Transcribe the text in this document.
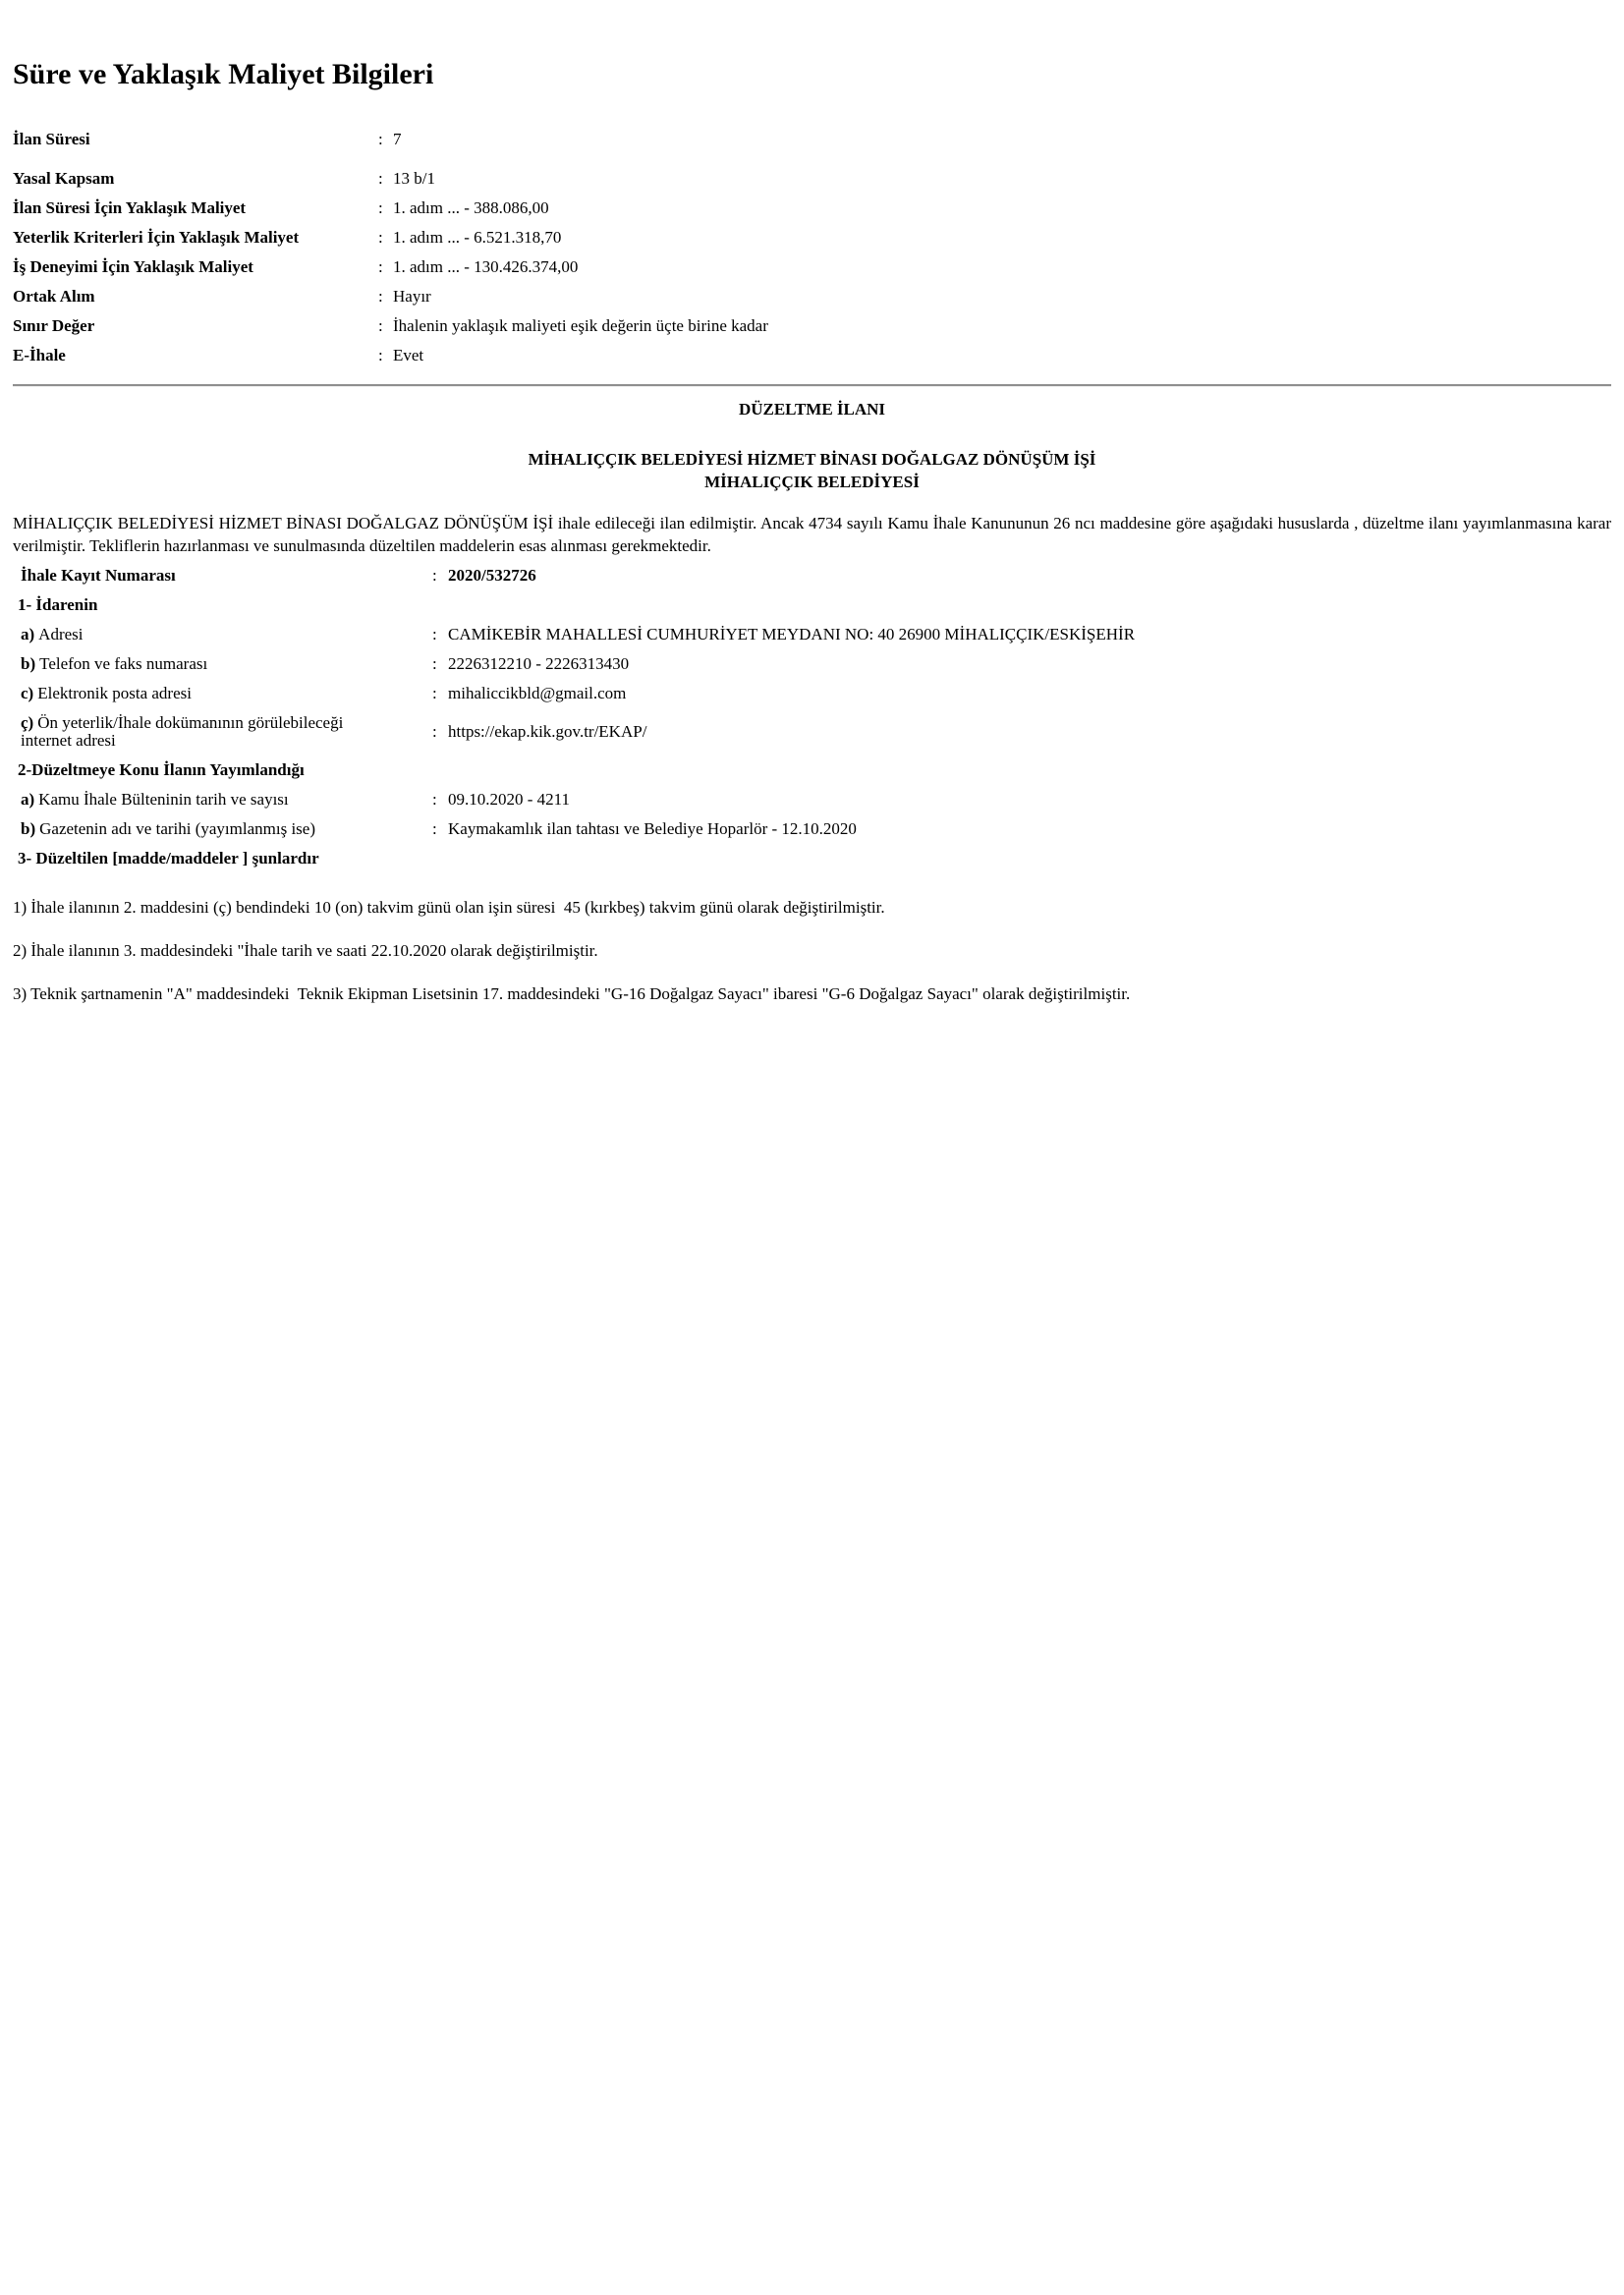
Süre ve Yaklaşık Maliyet Bilgileri
İlan Süresi	: 7
Yasal Kapsam	: 13 b/1
İlan Süresi İçin Yaklaşık Maliyet	: 1. adım ... - 388.086,00
Yeterlik Kriterleri İçin Yaklaşık Maliyet	: 1. adım ... - 6.521.318,70
İş Deneyimi İçin Yaklaşık Maliyet	: 1. adım ... - 130.426.374,00
Ortak Alım	: Hayır
Sınır Değer	: İhalenin yaklaşık maliyeti eşik değerin üçte birine kadar
E-İhale	: Evet
DÜZELTME İLANI
MİHALIÇÇIK BELEDİYESİ HİZMET BİNASI DOĞALGAZ DÖNÜŞÜM İŞİ
MİHALIÇÇIK BELEDİYESİ

MİHALIÇÇIK BELEDİYESİ HİZMET BİNASI DOĞALGAZ DÖNÜŞÜM İŞİ ihale edileceği ilan edilmiştir. Ancak 4734 sayılı Kamu İhale Kanununun 26 ncı maddesine göre aşağıdaki hususlarda , düzeltme ilanı yayımlanmasına karar verilmiştir. Tekliflerin hazırlanması ve sunulmasında düzeltilen maddelerin esas alınması gerekmektedir.

İhale Kayıt Numarası	: 2020/532726
1- İdarenin
a) Adresi	: CAMİKEBİR MAHALLESİ CUMHURİYET MEYDANI NO: 40 26900 MİHALIÇÇIK/ESKİŞEHİR
b) Telefon ve faks numarası	: 2226312210 - 2226313430
c) Elektronik posta adresi	: mihaliccikbld@gmail.com
ç) Ön yeterlik/İhale dokümanının görülebileceği internet adresi	: https://ekap.kik.gov.tr/EKAP/
2-Düzeltmeye Konu İlanın Yayımlandığı
a) Kamu İhale Bülteninin tarih ve sayısı	: 09.10.2020 - 4211
b) Gazetenin adı ve tarihi (yayımlanmış ise)	: Kaymakamlık ilan tahtası ve Belediye Hoparlör - 12.10.2020
3- Düzeltilen [madde/maddeler ] şunlardır

1) İhale ilanının 2. maddesini (ç) bendindeki 10 (on) takvim günü olan işin süresi  45 (kırkbeş) takvim günü olarak değiştirilmiştir.

2) İhale ilanının 3. maddesindeki "İhale tarih ve saati 22.10.2020 olarak değiştirilmiştir.

3) Teknik şartnamenin "A" maddesindeki  Teknik Ekipman Lisetsinin 17. maddesindeki "G-16 Doğalgaz Sayacı" ibaresi "G-6 Doğalgaz Sayacı" olarak değiştirilmiştir.
